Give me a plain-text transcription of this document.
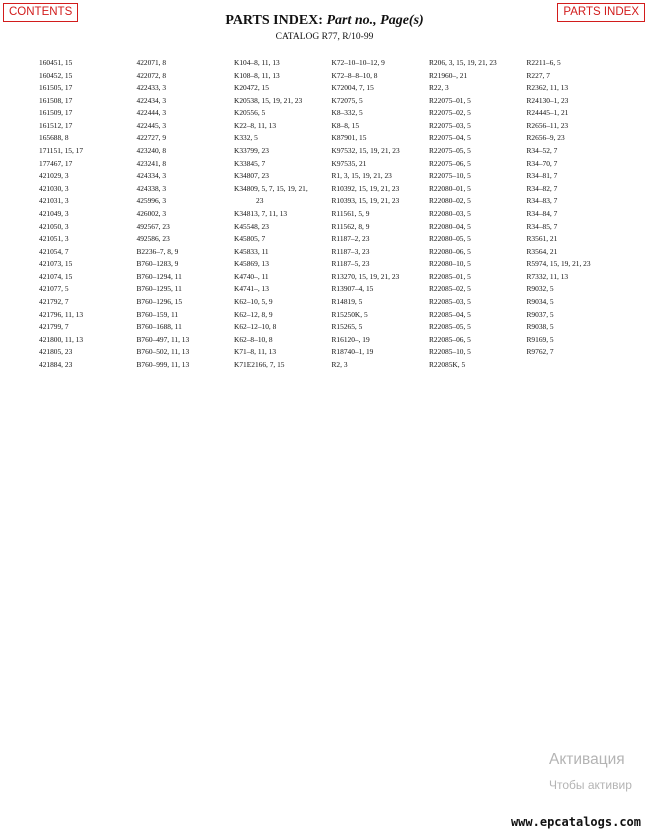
CONTENTS	PARTS INDEX
PARTS INDEX: Part no., Page(s)
CATALOG R77, R/10-99
160451, 15
160452, 15
161505, 17
161508, 17
161509, 17
161512, 17
165688, 8
171151, 15, 17
177467, 17
421029, 3
421030, 3
421031, 3
421049, 3
421050, 3
421051, 3
421054, 7
421073, 15
421074, 15
421077, 5
421792, 7
421796, 11, 13
421799, 7
421800, 11, 13
421805, 23
421884, 23
422071, 8
422072, 8
422433, 3
422434, 3
422444, 3
422445, 3
422727, 9
423240, 8
423241, 8
424334, 3
424338, 3
425996, 3
426002, 3
492567, 23
492586, 23
B2236–7, 8, 9
B760–1283, 9
B760–1294, 11
B760–1295, 11
B760–1296, 15
B760–159, 11
B760–1688, 11
B760–497, 11, 13
B760–502, 11, 13
B760–999, 11, 13
K104–8, 11, 13
K108–8, 11, 13
K20472, 15
K20538, 15, 19, 21, 23
K20556, 5
K22–8, 11, 13
K332, 5
K33799, 23
K33845, 7
K34807, 23
K34809, 5, 7, 15, 19, 21,
23
K34813, 7, 11, 13
K45548, 23
K45805, 7
K45833, 11
K45869, 13
K4740–, 11
K4741–, 13
K62–10, 5, 9
K62–12, 8, 9
K62–12–10, 8
K62–8–10, 8
K71–8, 11, 13
K71E2166, 7, 15
K72–10–10–12, 9
K72–8–8–10, 8
K72004, 7, 15
K72075, 5
K8–332, 5
K8–8, 15
K87901, 15
K97532, 15, 19, 21, 23
K97535, 21
R1, 3, 15, 19, 21, 23
R10392, 15, 19, 21, 23
R10393, 15, 19, 21, 23
R11561, 5, 9
R11562, 8, 9
R1187–2, 23
R1187–3, 23
R1187–5, 23
R13270, 15, 19, 21, 23
R13907–4, 15
R14819, 5
R15250K, 5
R15265, 5
R16120–, 19
R18740–1, 19
R2, 3
R206, 3, 15, 19, 21, 23
R21960–, 21
R22, 3
R22075–01, 5
R22075–02, 5
R22075–03, 5
R22075–04, 5
R22075–05, 5
R22075–06, 5
R22075–10, 5
R22080–01, 5
R22080–02, 5
R22080–03, 5
R22080–04, 5
R22080–05, 5
R22080–06, 5
R22080–10, 5
R22085–01, 5
R22085–02, 5
R22085–03, 5
R22085–04, 5
R22085–05, 5
R22085–06, 5
R22085–10, 5
R22085K, 5
R2211–6, 5
R227, 7
R2362, 11, 13
R24130–1, 23
R24445–1, 21
R2656–11, 23
R2656–9, 23
R34–52, 7
R34–70, 7
R34–81, 7
R34–82, 7
R34–83, 7
R34–84, 7
R34–85, 7
R3561, 21
R3564, 21
R5974, 15, 19, 21, 23
R7332, 11, 13
R9032, 5
R9034, 5
R9037, 5
R9038, 5
R9169, 5
R9762, 7
Активация
Чтобы активир
www.epcatalogs.com
